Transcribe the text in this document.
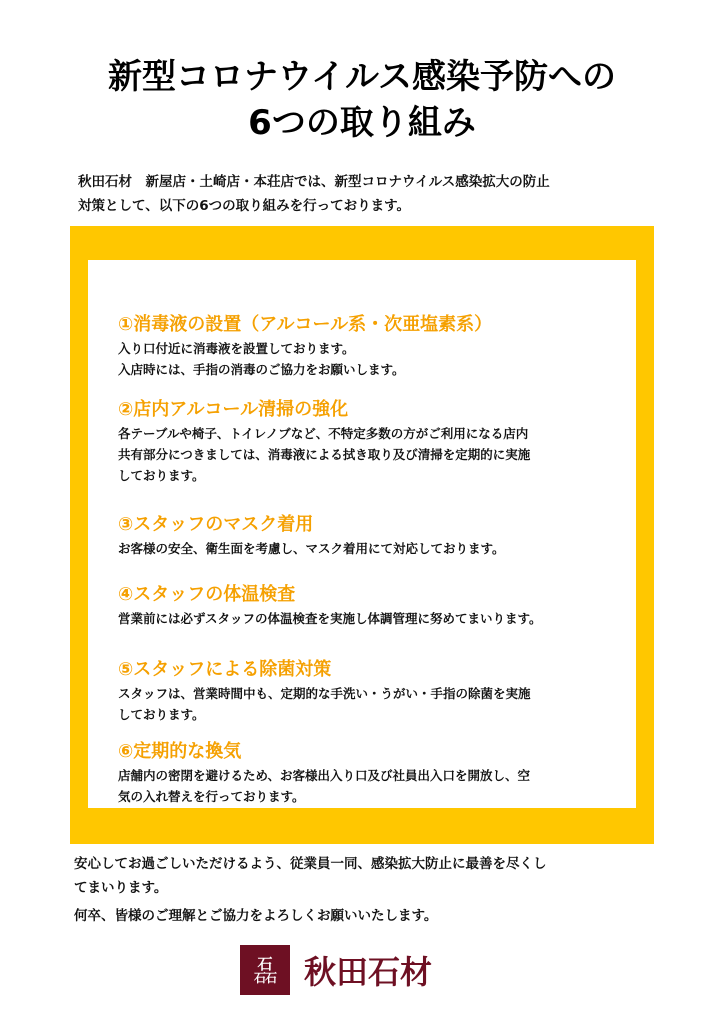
新型コロナウイルス感染予防への
6つの取り組み

秋田石材　新屋店・土崎店・本荘店では、新型コロナウイルス感染拡大の防止

対策として、以下の6つの取り組みを行っております。

①消毒液の設置（アルコール系・次亜塩素系）

入り口付近に消毒液を設置しております。

入店時には、手指の消毒のご協力をお願いします。

②店内アルコール清掃の強化

各テーブルや椅子、トイレノブなど、不特定多数の方がご利用になる店内

共有部分につきましては、消毒液による拭き取り及び清掃を定期的に実施

しております。

③スタッフのマスク着用

お客様の安全、衛生面を考慮し、マスク着用にて対応しております。

④スタッフの体温検査

営業前には必ずスタッフの体温検査を実施し体調管理に努めてまいります。

⑤スタッフによる除菌対策

スタッフは、営業時間中も、定期的な手洗い・うがい・手指の除菌を実施

しております。

⑥定期的な換気

店舗内の密閉を避けるため、お客様出入り口及び社員出入口を開放し、空

気の入れ替えを行っております。

安心してお過ごしいただけるよう、従業員一同、感染拡大防止に最善を尽くし

てまいります。

何卒、皆様のご理解とご協力をよろしくお願いいたします。

石
石石 秋田石材
